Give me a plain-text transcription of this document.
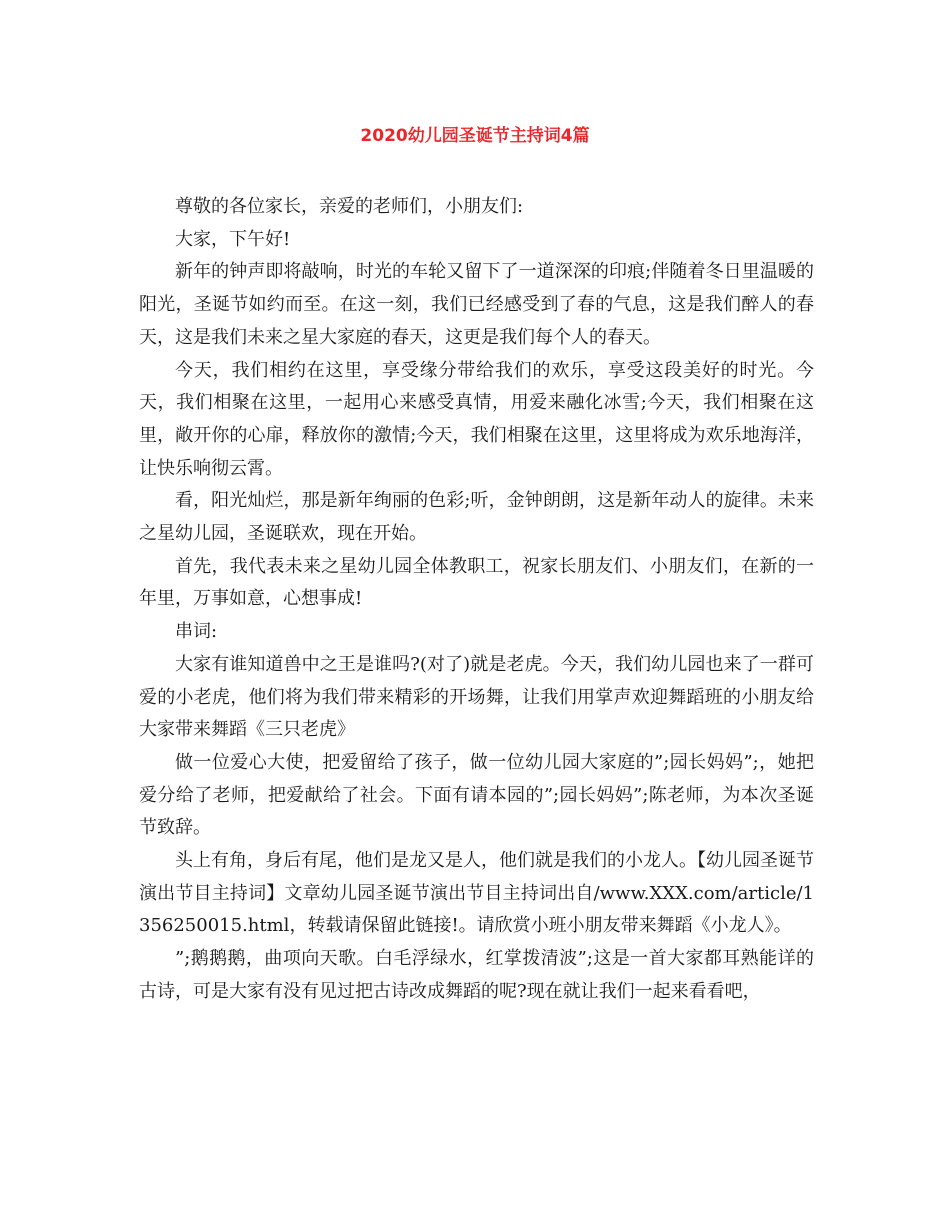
2020幼儿园圣诞节主持词4篇

尊敬的各位家长，亲爱的老师们，小朋友们:

大家，下午好!

新年的钟声即将敲响，时光的车轮又留下了一道深深的印痕;伴随着冬日里温暖的阳光，圣诞节如约而至。在这一刻，我们已经感受到了春的气息，这是我们醉人的春天，这是我们未来之星大家庭的春天，这更是我们每个人的春天。

今天，我们相约在这里，享受缘分带给我们的欢乐，享受这段美好的时光。今天，我们相聚在这里，一起用心来感受真情，用爱来融化冰雪;今天，我们相聚在这里，敞开你的心扉，释放你的激情;今天，我们相聚在这里，这里将成为欢乐地海洋，让快乐响彻云霄。

看，阳光灿烂，那是新年绚丽的色彩;听，金钟朗朗，这是新年动人的旋律。未来之星幼儿园，圣诞联欢，现在开始。

首先，我代表未来之星幼儿园全体教职工，祝家长朋友们、小朋友们，在新的一年里，万事如意，心想事成!

串词:

大家有谁知道兽中之王是谁吗?(对了)就是老虎。今天，我们幼儿园也来了一群可爱的小老虎，他们将为我们带来精彩的开场舞，让我们用掌声欢迎舞蹈班的小朋友给大家带来舞蹈《三只老虎》

做一位爱心大使，把爱留给了孩子，做一位幼儿园大家庭的”;园长妈妈”;，她把爱分给了老师，把爱献给了社会。下面有请本园的”;园长妈妈”;陈老师，为本次圣诞节致辞。

头上有角，身后有尾，他们是龙又是人，他们就是我们的小龙人。【幼儿园圣诞节演出节目主持词】文章幼儿园圣诞节演出节目主持词出自/www.XXX.com/article/1356250015.html，转载请保留此链接!。请欣赏小班小朋友带来舞蹈《小龙人》。

”;鹅鹅鹅，曲项向天歌。白毛浮绿水，红掌拨清波”;这是一首大家都耳熟能详的古诗，可是大家有没有见过把古诗改成舞蹈的呢?现在就让我们一起来看看吧，
